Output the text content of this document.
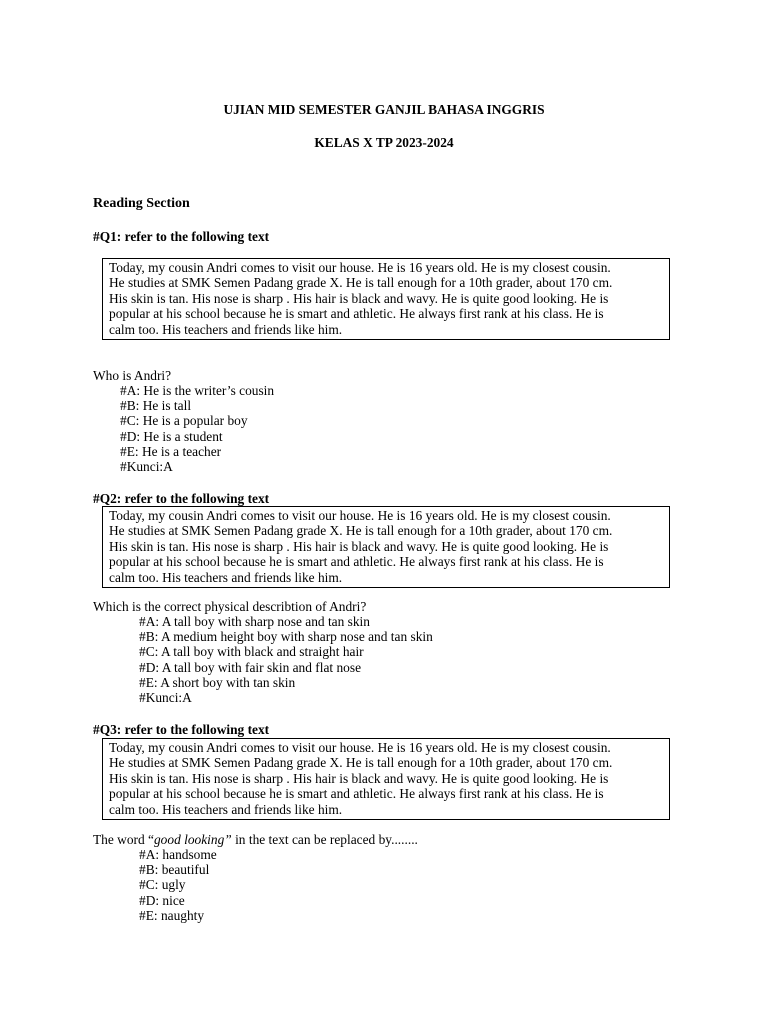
UJIAN MID SEMESTER GANJIL BAHASA INGGRIS
KELAS X TP 2023-2024
Reading Section
#Q1: refer to the following text
Today, my cousin Andri comes to visit our house. He is 16 years old. He is my closest cousin.
He studies at SMK Semen Padang grade X. He is tall enough for a 10th grader, about 170 cm.
His skin is tan. His nose is sharp . His hair is black and wavy. He is quite good looking. He is
popular at his school because he is smart and athletic. He always first rank at his class. He is
calm too. His teachers and friends like him.
Who is Andri?
#A: He is the writer’s cousin
#B: He is tall
#C: He is a popular boy
#D: He is a student
#E: He is a teacher
#Kunci:A
#Q2: refer to the following text
Today, my cousin Andri comes to visit our house. He is 16 years old. He is my closest cousin.
He studies at SMK Semen Padang grade X. He is tall enough for a 10th grader, about 170 cm.
His skin is tan. His nose is sharp . His hair is black and wavy. He is quite good looking. He is
popular at his school because he is smart and athletic. He always first rank at his class. He is
calm too. His teachers and friends like him.
Which is the correct physical describtion of Andri?
#A: A tall boy with sharp nose and tan skin
#B: A medium height boy with sharp nose and tan skin
#C: A tall boy with black and straight hair
#D: A tall boy with fair skin and flat nose
#E: A short boy with tan skin
#Kunci:A
#Q3: refer to the following text
Today, my cousin Andri comes to visit our house. He is 16 years old. He is my closest cousin.
He studies at SMK Semen Padang grade X. He is tall enough for a 10th grader, about 170 cm.
His skin is tan. His nose is sharp . His hair is black and wavy. He is quite good looking. He is
popular at his school because he is smart and athletic. He always first rank at his class. He is
calm too. His teachers and friends like him.
The word “good looking” in the text can be replaced by........
#A: handsome
#B: beautiful
#C: ugly
#D: nice
#E: naughty
